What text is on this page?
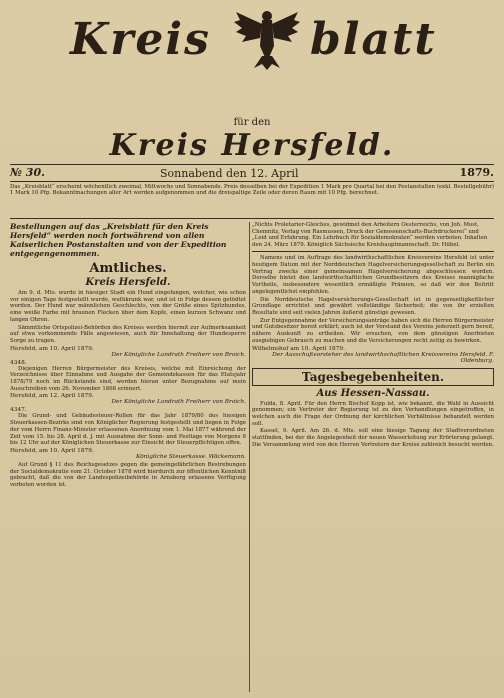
Kreis blatt
für den
Kreis Hersfeld.
№ 30.	Sonnabend den 12. April	1879.
Das „Kreisblatt“ erscheint wöchentlich zweimal, Mittwochs und Sonnabends. Preis desselben bei der Expedition 1 Mark pro Quartal bei den Postanstalten (exkl. Bestellgebühr) 1 Mark 10 Pfg. Bekanntmachungen aller Art werden aufgenommen und die dreispaltige Zeile oder deren Raum mit 10 Pfg. berechnet.
Bestellungen auf das „Kreisblatt für den Kreis Hersfeld“ werden noch fortwährend von allen Kaiserlichen Postanstalten und von der Expedition entgegengenommen.
Amtliches.
Kreis Hersfeld.

Am 9. d. Mts. wurde in hiesiger Stadt ein Hund eingefangen, welcher, wie schon vor einigen Tage festgestellt wurde, wuthkrank war, und ist in Folge dessen getödtet worden. Der Hund war männlichen Geschlechts, von der Größe eines Spitzhundes, eine weiße Farbe mit braunen Flecken über dem Kopfe, einen kurzen Schwanz und langen Ohren.

Sämmtliche Ortspolizei-Behörden des Kreises werden hiermit zur Aufmerksamkeit auf etwa vorkommende Fälle angewiesen, auch für Innehaltung der Hundesperre Sorge zu tragen.

Hersfeld, am 10. April 1879.

Der Königliche Landrath Freiherr von Broich.

4348.

Diejenigen Herren Bürgermeister des Kreises, welche mit Einreichung der Verzeichnisse über Einnahme und Ausgabe der Gemeindekassen für das Etatsjahr 1878/79 noch im Rückstande sind, werden hieran unter Bezugnahme auf mein Ausschreiben vom 26. November 1868 erinnert.

Hersfeld, am 12. April 1879.

Der Königliche Landrath Freiherr von Broich.

4347.

Die Grund- und Gebäudesteuer-Rollen für das Jahr 1879/80 des hiesigen Steuerkassen-Bezirks sind von Königlicher Regierung festgestellt und liegen in Folge der vom Herrn Finanz-Minister erlassenen Anordnung vom 1. Mai 1877 während der Zeit vom 15. bis 28. April d. J. mit Ausnahme der Sonn- und Festtage von Morgens 8 bis 12 Uhr auf der Königlichen Steuerkasse zur Einsicht der Steuerpflichtigen offen.

Hersfeld, am 10. April 1879.

Königliche Steuerkasse. Wäckemann.

Auf Grund § 11 des Reichsgesetzes gegen die gemeingefährlichen Bestrebungen der Socialdemokratie vom 21. October 1878 wird hierdurch zur öffentlichen Kenntniß gebracht, daß die von der Landespolizeibehörde in Arnsberg erlassene Verfügung verboten worden ist.

„Nichts Proletarier-Gleiches, gewidmet den Arbeitern Oesterreichs, von Joh. Most, Chemnitz, Verlag von Rasmussen, Druck der Genossenschafts-Buchdruckerei“ und „Leid und Erfahrung. Ein Lehrbuch für Sozialdemokraten“ werden verboten. Inhalten den 24. März 1879. Königlich Sächsische Kreishauptmannschaft. Dr. Hübel.

Namens und im Auftrage des landwirthschaftlichen Kreisvereins Hersfeld ist unter heutigem Datum mit der Norddeutschen Hagelversicherungsgesellschaft zu Berlin ein Vertrag zwecks einer gemeinsamen Hagelversicherung abgeschlossen worden. Derselbe bietet den landwirthschaftlichen Grundbesitzern des Kreises mannigfache Vortheile, insbesondere wesentlich ermäßigte Prämien, so daß wir den Beitritt angelegentlichst empfehlen.

Die Norddeutsche Hagelversicherungs-Gesellschaft ist in gegenseitigkeitlicher Grundlage errichtet und gewährt vollständige Sicherheit; die von ihr erzielten Resultate sind seit vielen Jahren äußerst günstige gewesen.

Zur Entgegennahme der Versicherungsanträge haben sich die Herren Bürgermeister und Gutsbesitzer bereit erklärt; auch ist der Vorstand des Vereins jederzeit gern bereit, nähere Auskunft zu ertheilen. Wir ersuchen, von dem günstigen Anerbieten ausgiebigen Gebrauch zu machen und die Versicherungen recht zeitig zu bewirken.

Wilhelmshof am 10. April 1879.

Der Ausschußvorsteher des landwirthschaftlichen Kreisvereins Hersfeld. F. Oldenburg.

Tagesbegebenheiten.
Aus Hessen-Nassau.

Fulda, 8. April. Für den Herrn Bischof Kopp ist, wie bekannt, die Wahl in Aussicht genommen; ein Vertreter der Regierung ist zu den Verhandlungen eingetroffen, in welchen auch die Frage der Ordnung der kirchlichen Verhältnisse behandelt werden soll.

Kassel, 9. April. Am 26. d. Mts. soll eine hiesige Tagung der Stadtverordneten stattfinden, bei der die Angelegenheit der neuen Wasserleitung zur Erörterung gelangt. Die Versammlung wird von den Herren Vertretern der Kreise zahlreich besucht werden.
